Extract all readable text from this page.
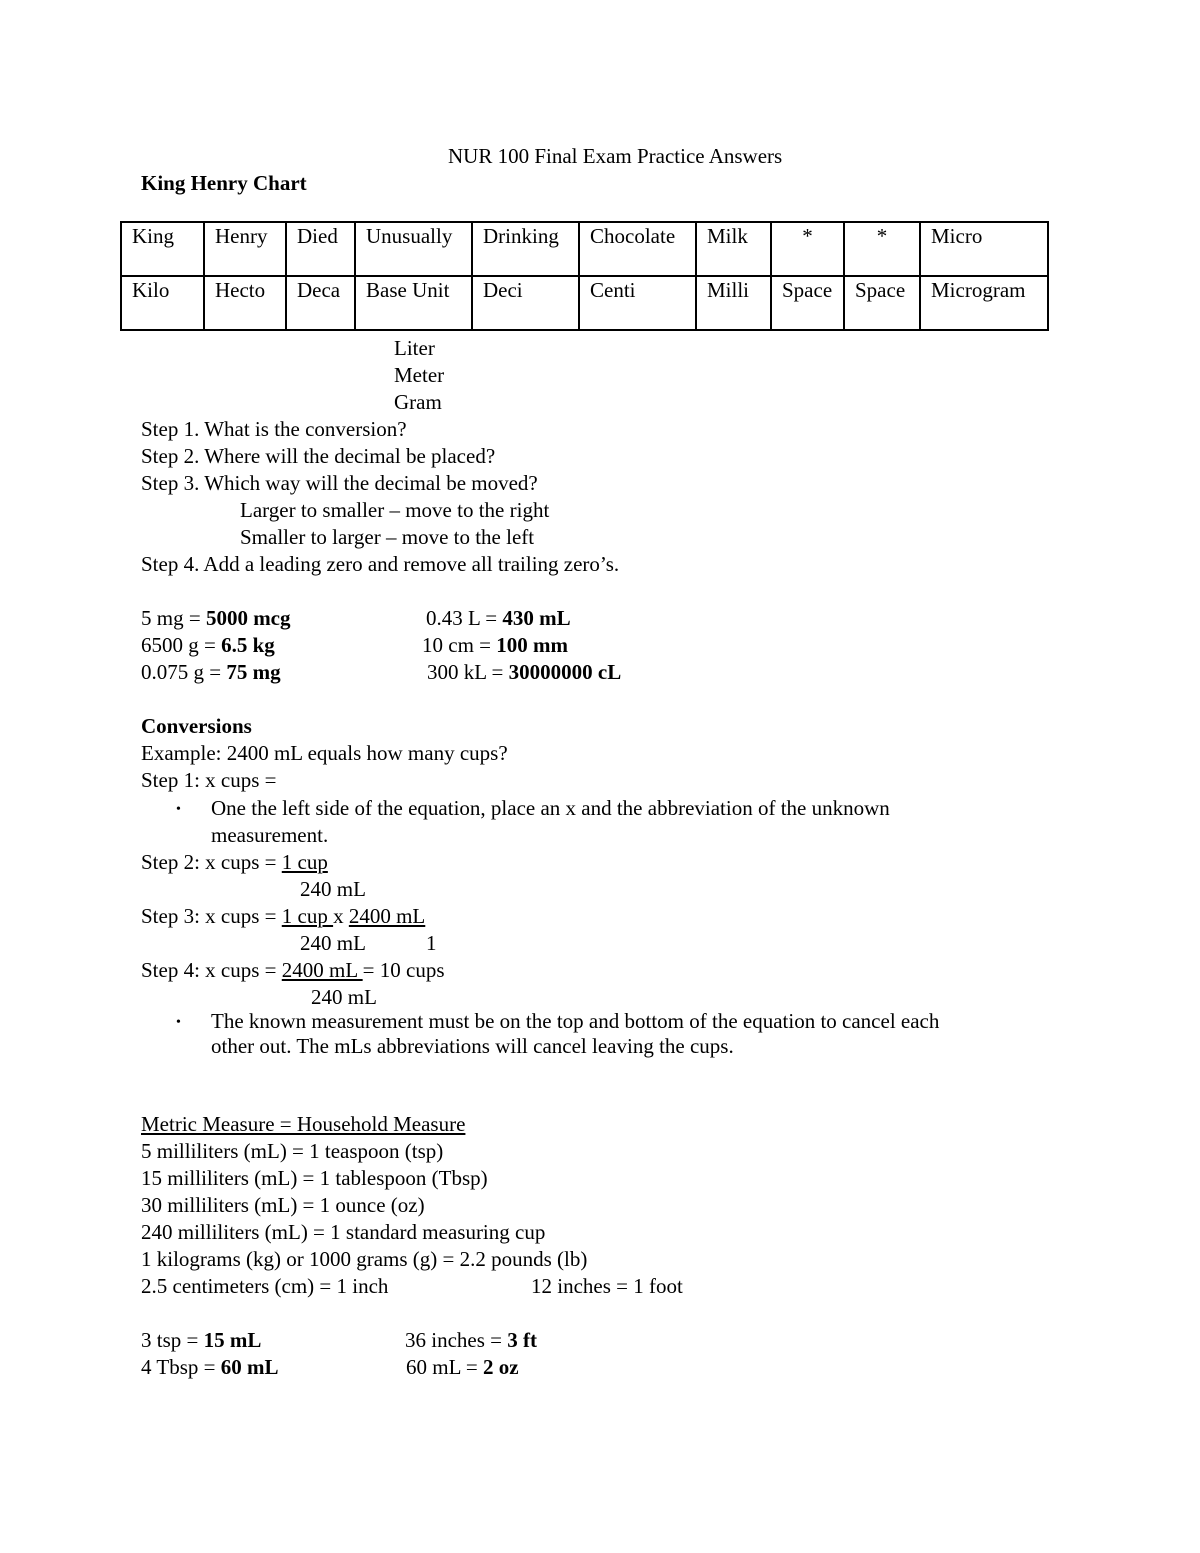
NUR 100 Final Exam Practice Answers
King Henry Chart
King	Henry	Died	Unusually	Drinking	Chocolate	Milk	*	*	Micro
Kilo	Hecto	Deca	Base Unit	Deci	Centi	Milli	Space	Space	Microgram
Liter
Meter
Gram
Step 1. What is the conversion?
Step 2. Where will the decimal be placed?
Step 3. Which way will the decimal be moved?
Larger to smaller – move to the right
Smaller to larger – move to the left
Step 4. Add a leading zero and remove all trailing zero’s.
5 mg = 5000 mcg
6500 g = 6.5 kg
0.075 g = 75 mg
0.43 L = 430 mL
10 cm = 100 mm
300 kL = 30000000 cL
Conversions
Example: 2400 mL equals how many cups?
Step 1: x cups =
• One the left side of the equation, place an x and the abbreviation of the unknown
measurement.
Step 2: x cups = 1 cup
240 mL
Step 3: x cups = 1 cup x 2400 mL
240 mL	1
Step 4: x cups = 2400 mL = 10 cups
240 mL
• The known measurement must be on the top and bottom of the equation to cancel each
other out. The mLs abbreviations will cancel leaving the cups.
Metric Measure = Household Measure
5 milliliters (mL) = 1 teaspoon (tsp)
15 milliliters (mL) = 1 tablespoon (Tbsp)
30 milliliters (mL) = 1 ounce (oz)
240 milliliters (mL) = 1 standard measuring cup
1 kilograms (kg) or 1000 grams (g) = 2.2 pounds (lb)
2.5 centimeters (cm) = 1 inch	12 inches = 1 foot
3 tsp = 15 mL
4 Tbsp = 60 mL
36 inches = 3 ft
60 mL = 2 oz
